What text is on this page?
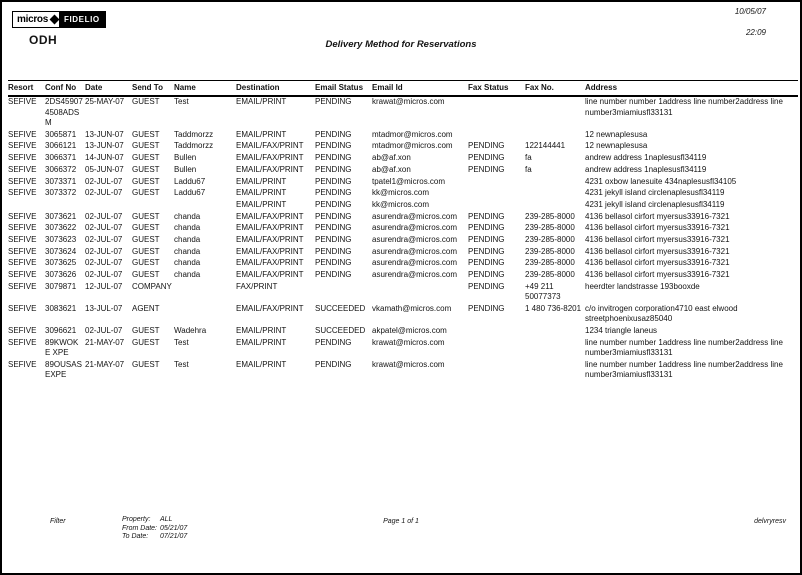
micros	FIDELIO
ODH	Delivery Method for Reservations
10/05/07
22:09
Resort	Conf No	Date	Send To	Name	Destination	Email Status	Email Id	Fax Status	Fax No.	Address
SEFIVE	2DS45907 4508ADSM	25-MAY-07	GUEST	Test	EMAIL/PRINT	PENDING	krawat@micros.com			line number number 1address line number2address line number3miamiusfl33131
SEFIVE	3065871	13-JUN-07	GUEST	Taddmorzz	EMAIL/PRINT	PENDING	mtadmor@micros.com			12 newnaplesusa
SEFIVE	3066121	13-JUN-07	GUEST	Taddmorzz	EMAIL/FAX/PRINT	PENDING	mtadmor@micros.com	PENDING	122144441	12 newnaplesusa
SEFIVE	3066371	14-JUN-07	GUEST	Bullen	EMAIL/FAX/PRINT	PENDING	ab@af.xon	PENDING	fa	andrew address 1naplesusfl34119
SEFIVE	3066372	05-JUN-07	GUEST	Bullen	EMAIL/FAX/PRINT	PENDING	ab@af.xon	PENDING	fa	andrew address 1naplesusfl34119
SEFIVE	3073371	02-JUL-07	GUEST	Laddu67	EMAIL/PRINT	PENDING	tpatel1@micros.com			4231 oxbow lanesuite 434naplesusfl34105
SEFIVE	3073372	02-JUL-07	GUEST	Laddu67	EMAIL/PRINT	PENDING	kk@micros.com			4231 jekyll island circlenaplesusfl34119
					EMAIL/PRINT	PENDING	kk@micros.com			4231 jekyll island circlenaplesusfl34119
SEFIVE	3073621	02-JUL-07	GUEST	chanda	EMAIL/FAX/PRINT	PENDING	asurendra@micros.com	PENDING	239-285-8000	4136 bellasol cirfort myersus33916-7321
SEFIVE	3073622	02-JUL-07	GUEST	chanda	EMAIL/FAX/PRINT	PENDING	asurendra@micros.com	PENDING	239-285-8000	4136 bellasol cirfort myersus33916-7321
SEFIVE	3073623	02-JUL-07	GUEST	chanda	EMAIL/FAX/PRINT	PENDING	asurendra@micros.com	PENDING	239-285-8000	4136 bellasol cirfort myersus33916-7321
SEFIVE	3073624	02-JUL-07	GUEST	chanda	EMAIL/FAX/PRINT	PENDING	asurendra@micros.com	PENDING	239-285-8000	4136 bellasol cirfort myersus33916-7321
SEFIVE	3073625	02-JUL-07	GUEST	chanda	EMAIL/FAX/PRINT	PENDING	asurendra@micros.com	PENDING	239-285-8000	4136 bellasol cirfort myersus33916-7321
SEFIVE	3073626	02-JUL-07	GUEST	chanda	EMAIL/FAX/PRINT	PENDING	asurendra@micros.com	PENDING	239-285-8000	4136 bellasol cirfort myersus33916-7321
SEFIVE	3079871	12-JUL-07	COMPANY		FAX/PRINT			PENDING	+49 211 50077373	heerdter landstrasse 193booxde
SEFIVE	3083621	13-JUL-07	AGENT		EMAIL/FAX/PRINT	SUCCEEDED	vkamath@micros.com	PENDING	1 480 736-8201	c/o invitrogen corporation4710 east elwood streetphoenixusaz85040
SEFIVE	3096621	02-JUL-07	GUEST	Wadehra	EMAIL/PRINT	SUCCEEDED	akpatel@micros.com			1234 triangle laneus
SEFIVE	89KWOKE XPE	21-MAY-07	GUEST	Test	EMAIL/PRINT	PENDING	krawat@micros.com			line number number 1address line number2address line number3miamiusfl33131
SEFIVE	89OUSAS EXPE	21-MAY-07	GUEST	Test	EMAIL/PRINT	PENDING	krawat@micros.com			line number number 1address line number2address line number3miamiusfl33131
Filter	Property: ALL
From Date: 05/21/07
To Date: 07/21/07
Page 1 of 1	delvryresv
